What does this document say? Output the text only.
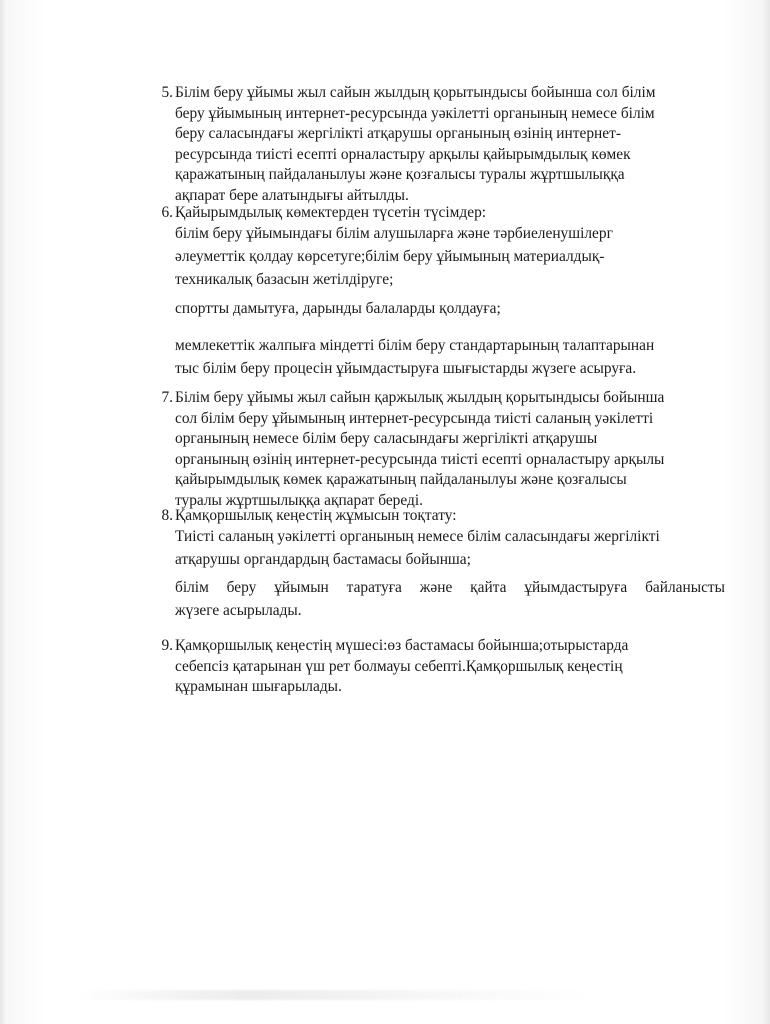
5. Білім беру ұйымы жыл сайын жылдың қорытындысы бойынша сол білім
беру ұйымының интернет-ресурсында уәкілетті органының немесе білім
беру саласындағы жергілікті атқарушы органының өзінің интернет-
ресурсында тиісті есепті орналастыру арқылы қайырымдылық көмек
қаражатының пайдаланылуы және қозғалысы туралы жұртшылыққа
ақпарат бере алатындығы айтылды.
6. Қайырымдылық көмектерден түсетін түсімдер:
білім беру ұйымындағы білім алушыларға және тәрбиеленушілерг
әлеуметтік қолдау көрсетуге;білім беру ұйымының материалдық-
техникалық базасын жетілдіруге;
спортты дамытуға, дарынды балаларды қолдауға;
мемлекеттік жалпыға міндетті білім беру стандартарының талаптарынан
тыс білім беру процесін ұйымдастыруға шығыстарды жүзеге асыруға.
7. Білім беру ұйымы жыл сайын қаржылық жылдың қорытындысы бойынша
сол білім беру ұйымының интернет-ресурсында тиісті саланың уәкілетті
органының немесе білім беру саласындағы жергілікті атқарушы
органының өзінің интернет-ресурсында тиісті есепті орналастыру арқылы
қайырымдылық көмек қаражатының пайдаланылуы және қозғалысы
туралы жұртшылыққа ақпарат береді.
8. Қамқоршылық кеңестің жұмысын тоқтату:
Тиісті саланың уәкілетті органының немесе білім саласындағы жергілікті
атқарушы органдардың бастамасы бойынша;
білім беру ұйымын таратуға және қайта ұйымдастыруға байланысты
жүзеге асырылады.
9. Қамқоршылық кеңестің мүшесі:өз бастамасы бойынша;отырыстарда
себепсіз қатарынан үш рет болмауы себепті.Қамқоршылық кеңестің
құрамынан шығарылады.
